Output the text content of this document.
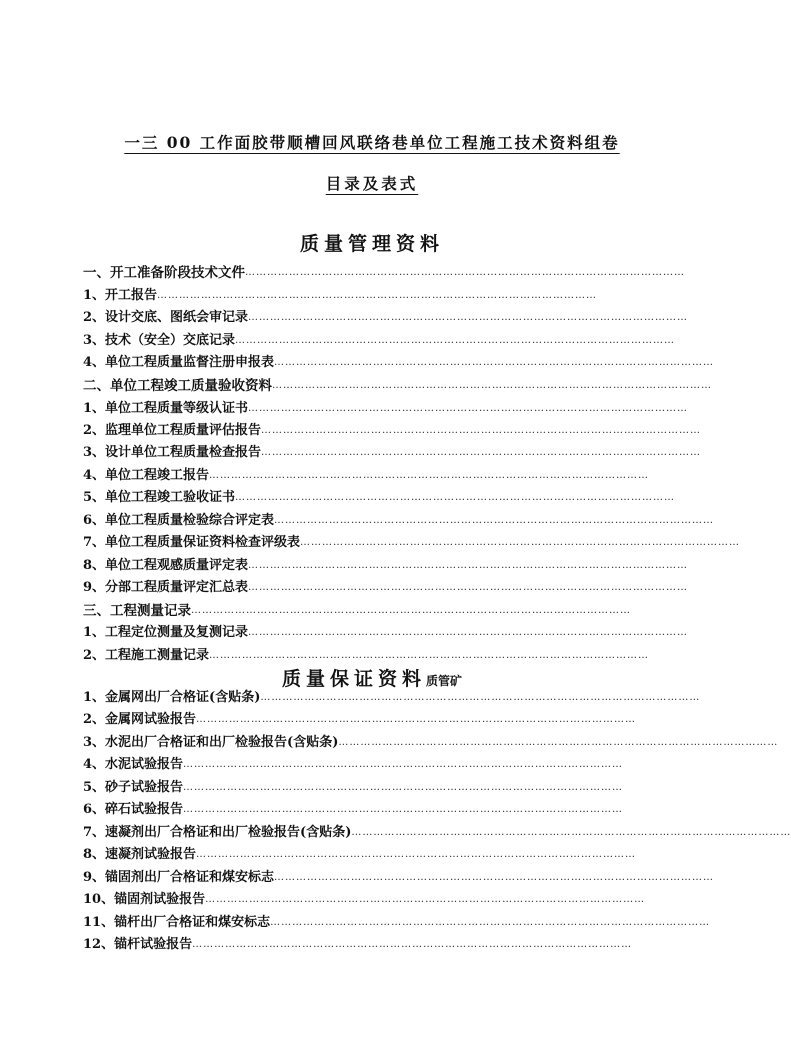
一三 00 工作面胶带顺槽回风联络巷单位工程施工技术资料组卷
目录及表式
质量管理资料
一、开工准备阶段技术文件…………………………………………………………………………………………………………
1、开工报告…………………………………………………………………………………………………………
2、设计交底、图纸会审记录…………………………………………………………………………………………………………
3、技术（安全）交底记录…………………………………………………………………………………………………………
4、单位工程质量监督注册申报表…………………………………………………………………………………………………………
二、单位工程竣工质量验收资料…………………………………………………………………………………………………………
1、单位工程质量等级认证书…………………………………………………………………………………………………………
2、监理单位工程质量评估报告…………………………………………………………………………………………………………
3、设计单位工程质量检查报告…………………………………………………………………………………………………………
4、单位工程竣工报告…………………………………………………………………………………………………………
5、单位工程竣工验收证书…………………………………………………………………………………………………………
6、单位工程质量检验综合评定表…………………………………………………………………………………………………………
7、单位工程质量保证资料检查评级表…………………………………………………………………………………………………………
8、单位工程观感质量评定表…………………………………………………………………………………………………………
9、分部工程质量评定汇总表…………………………………………………………………………………………………………
三、工程测量记录…………………………………………………………………………………………………………
1、工程定位测量及复测记录…………………………………………………………………………………………………………
2、工程施工测量记录…………………………………………………………………………………………………………
质量保证资料质管矿
1、金属网出厂合格证(含贴条)…………………………………………………………………………………………………………
2、金属网试验报告…………………………………………………………………………………………………………
3、水泥出厂合格证和出厂检验报告(含贴条)…………………………………………………………………………………………………………
4、水泥试验报告…………………………………………………………………………………………………………
5、砂子试验报告…………………………………………………………………………………………………………
6、碎石试验报告…………………………………………………………………………………………………………
7、速凝剂出厂合格证和出厂检验报告(含贴条)…………………………………………………………………………………………………………
8、速凝剂试验报告…………………………………………………………………………………………………………
9、锚固剂出厂合格证和煤安标志…………………………………………………………………………………………………………
10、锚固剂试验报告…………………………………………………………………………………………………………
11、锚杆出厂合格证和煤安标志…………………………………………………………………………………………………………
12、锚杆试验报告…………………………………………………………………………………………………………
